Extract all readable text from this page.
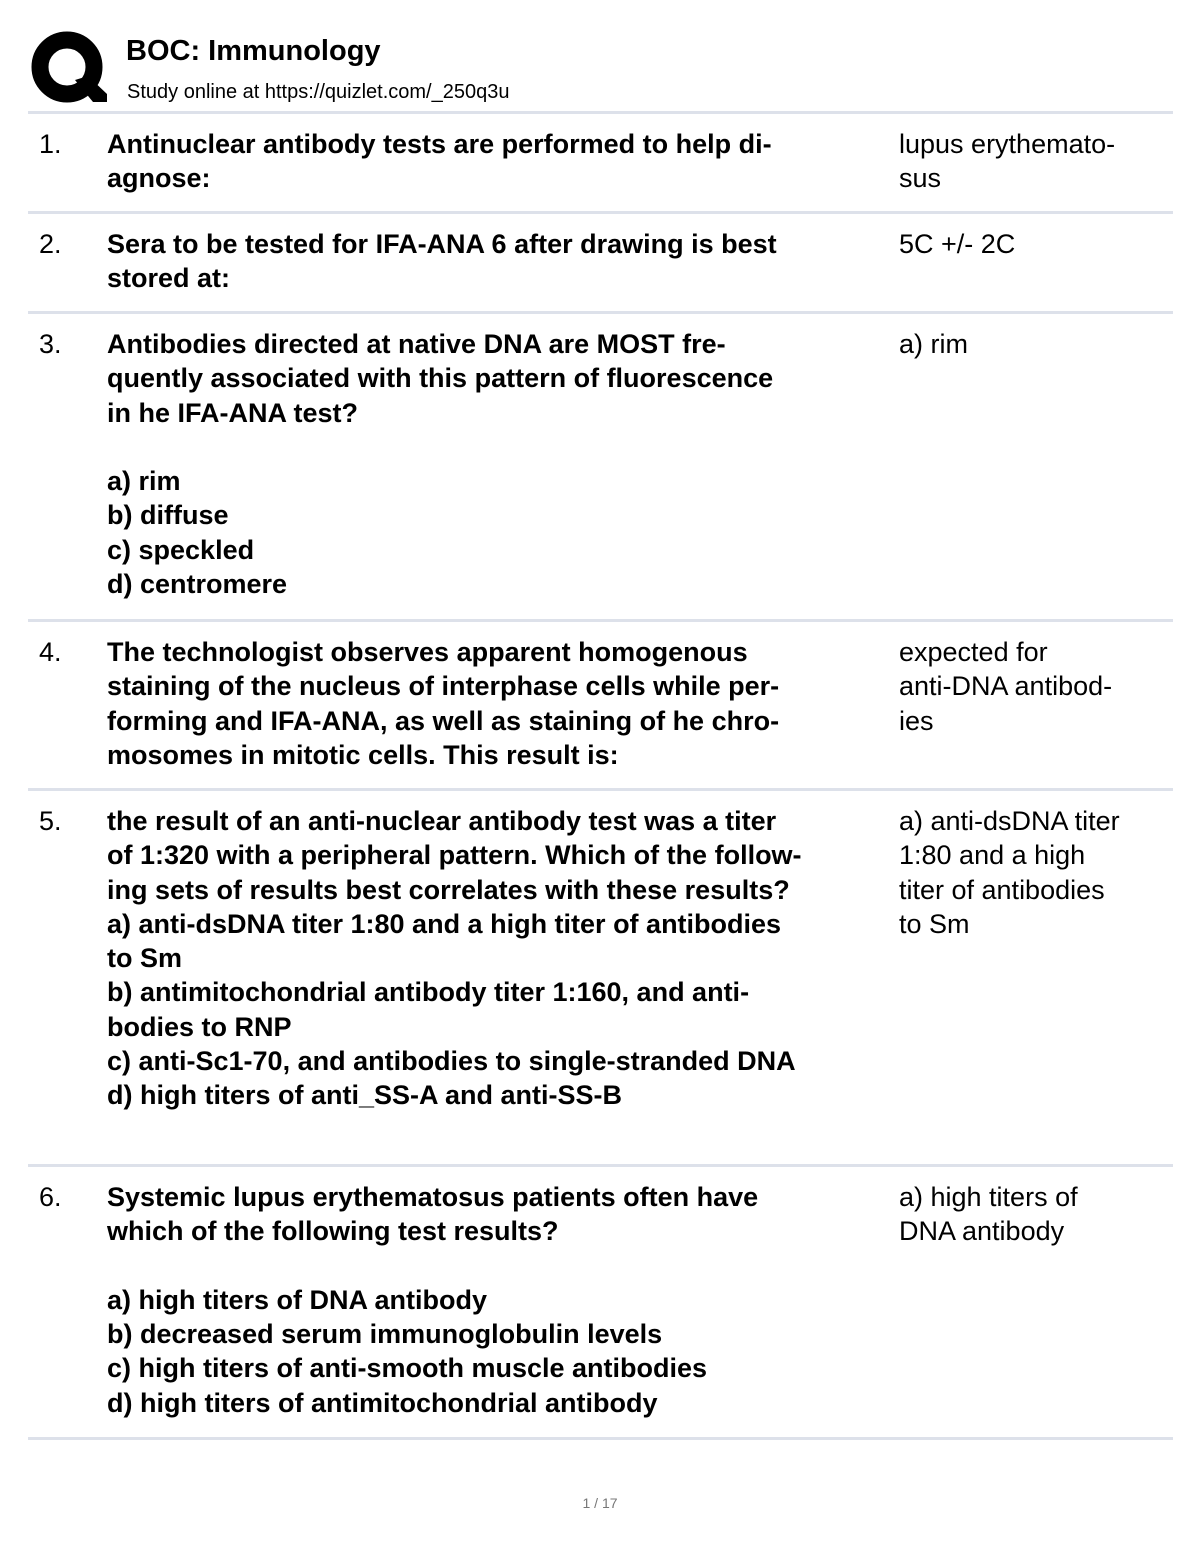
BOC: Immunology
Study online at https://quizlet.com/_250q3u
1. Antinuclear antibody tests are performed to help di-
agnose:
lupus erythemato-
sus
2. Sera to be tested for IFA-ANA 6 after drawing is best
stored at:
5C +/- 2C
3. Antibodies directed at native DNA are MOST fre-
quently associated with this pattern of fluorescence
in he IFA-ANA test?

a) rim
b) diffuse
c) speckled
d) centromere
a) rim
4. The technologist observes apparent homogenous
staining of the nucleus of interphase cells while per-
forming and IFA-ANA, as well as staining of he chro-
mosomes in mitotic cells. This result is:
expected for
anti-DNA antibod-
ies
5. the result of an anti-nuclear antibody test was a titer
of 1:320 with a peripheral pattern. Which of the follow-
ing sets of results best correlates with these results?
a) anti-dsDNA titer 1:80 and a high titer of antibodies
to Sm
b) antimitochondrial antibody titer 1:160, and anti-
bodies to RNP
c) anti-Sc1-70, and antibodies to single-stranded DNA
d) high titers of anti_SS-A and anti-SS-B
a) anti-dsDNA titer
1:80 and a high
titer of antibodies
to Sm
6. Systemic lupus erythematosus patients often have
which of the following test results?

a) high titers of DNA antibody
b) decreased serum immunoglobulin levels
c) high titers of anti-smooth muscle antibodies
d) high titers of antimitochondrial antibody
a) high titers of
DNA antibody
1 / 17
